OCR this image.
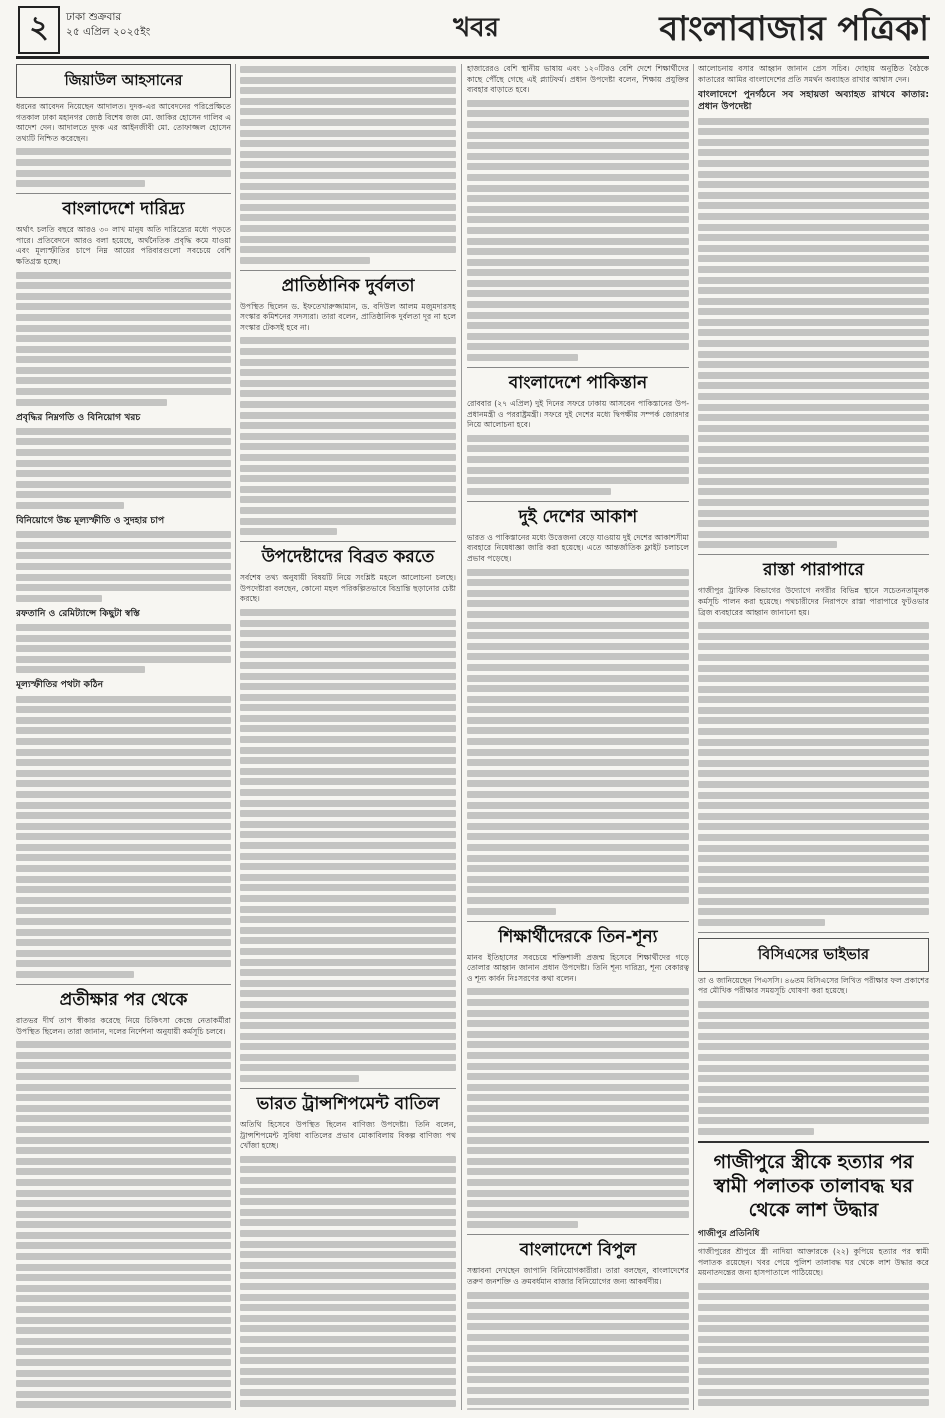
২	ঢাকা শুক্রবার
২৫ এপ্রিল ২০২৫ইং	খবর	বাংলাবাজার পত্রিকা
জিয়াউল আহসানের
ধরনের আবেদন নিয়েছেন আদালত। দুদক-এর আবেদনের পরিপ্রেক্ষিতে গতকাল ঢাকা মহানগর জ্যেষ্ঠ বিশেষ জজ মো. জাকির হোসেন গালিব এ আদেশ দেন। আদালতে দুদক এর আইনজীবী মো. তোফাজ্জল হোসেন তথ্যটি নিশ্চিত করেছেন।
বাংলাদেশে দারিদ্র্য
অর্থাৎ চলতি বছরে আরও ৩০ লাখ মানুষ অতি দারিদ্র্যের মধ্যে পড়তে পারে। প্রতিবেদনে আরও বলা হয়েছে, অর্থনৈতিক প্রবৃদ্ধি কমে যাওয়া এবং মূল্যস্ফীতির চাপে নিম্ন আয়ের পরিবারগুলো সবচেয়ে বেশি ক্ষতিগ্রস্ত হচ্ছে।
প্রবৃদ্ধির নিম্নগতি ও বিনিয়োগ খরচ
বিনিয়োগে উচ্চ মূল্যস্ফীতি ও সুদহার চাপ
রফতানি ও রেমিট্যান্সে কিছুটা স্বস্তি
মূল্যস্ফীতির পথটা কঠিন
প্রতীক্ষার পর থেকে
রাতভর দীর্ঘ তাপ স্বীকার করেছে নিয়ে চিকিৎসা কেন্দ্রে নেতাকর্মীরা উপস্থিত ছিলেন। তারা জানান, দলের নির্দেশনা অনুযায়ী কর্মসূচি চলবে।
প্রাতিষ্ঠানিক দুর্বলতা
উপস্থিত ছিলেন ড. ইফতেখারুজ্জামান, ড. বদিউল আলম মজুমদারসহ সংস্কার কমিশনের সদস্যরা। তারা বলেন, প্রাতিষ্ঠানিক দুর্বলতা দূর না হলে সংস্কার টেকসই হবে না।
উপদেষ্টাদের বিব্রত করতে
সর্বশেষ তথ্য অনুযায়ী বিষয়টি নিয়ে সংশ্লিষ্ট মহলে আলোচনা চলছে। উপদেষ্টারা বলছেন, কোনো মহল পরিকল্পিতভাবে বিভ্রান্তি ছড়ানোর চেষ্টা করছে।
ভারত ট্রান্সশিপমেন্ট বাতিল
অতিথি হিসেবে উপস্থিত ছিলেন বাণিজ্য উপদেষ্টা। তিনি বলেন, ট্রান্সশিপমেন্ট সুবিধা বাতিলের প্রভাব মোকাবিলায় বিকল্প বাণিজ্য পথ খোঁজা হচ্ছে।
হাজারেরও বেশি স্থানীয় ভাষায় এবং ১২০টিরও বেশি দেশে শিক্ষার্থীদের কাছে পৌঁছে গেছে এই প্ল্যাটফর্ম। প্রধান উপদেষ্টা বলেন, শিক্ষায় প্রযুক্তির ব্যবহার বাড়াতে হবে।
বাংলাদেশে পাকিস্তান
রোববার (২৭ এপ্রিল) দুই দিনের সফরে ঢাকায় আসবেন পাকিস্তানের উপ-প্রধানমন্ত্রী ও পররাষ্ট্রমন্ত্রী। সফরে দুই দেশের মধ্যে দ্বিপক্ষীয় সম্পর্ক জোরদার নিয়ে আলোচনা হবে।
দুই দেশের আকাশ
ভারত ও পাকিস্তানের মধ্যে উত্তেজনা বেড়ে যাওয়ায় দুই দেশের আকাশসীমা ব্যবহারে নিষেধাজ্ঞা জারি করা হয়েছে। এতে আন্তর্জাতিক ফ্লাইট চলাচলে প্রভাব পড়েছে।
শিক্ষার্থীদেরকে তিন-শূন্য
মানব ইতিহাসের সবচেয়ে শক্তিশালী প্রজন্ম হিসেবে শিক্ষার্থীদের গড়ে তোলার আহ্বান জানান প্রধান উপদেষ্টা। তিনি শূন্য দারিদ্র্য, শূন্য বেকারত্ব ও শূন্য কার্বন নিঃসরণের কথা বলেন।
বাংলাদেশে বিপুল
সম্ভাবনা দেখছেন জাপানি বিনিয়োগকারীরা। তারা বলছেন, বাংলাদেশের তরুণ জনশক্তি ও ক্রমবর্ধমান বাজার বিনিয়োগের জন্য আকর্ষণীয়।
আলোচনায় বসার আহ্বান জানান প্রেস সচিব। দোহায় অনুষ্ঠিত বৈঠকে কাতারের আমির বাংলাদেশের প্রতি সমর্থন অব্যাহত রাখার আশ্বাস দেন।
বাংলাদেশে পুনর্গঠনে সব সহায়তা অব্যাহত রাখবে কাতার: প্রধান উপদেষ্টা
রাস্তা পারাপারে
গাজীপুর ট্রাফিক বিভাগের উদ্যোগে নগরীর বিভিন্ন স্থানে সচেতনতামূলক কর্মসূচি পালন করা হয়েছে। পথচারীদের নিরাপদে রাস্তা পারাপারে ফুটওভার ব্রিজ ব্যবহারের আহ্বান জানানো হয়।
বিসিএসের ভাইভার
তা ও জানিয়েছেন পিএসসি। ৪৬তম বিসিএসের লিখিত পরীক্ষার ফল প্রকাশের পর মৌখিক পরীক্ষার সময়সূচি ঘোষণা করা হয়েছে।
গাজীপুরে স্ত্রীকে হত্যার পর স্বামী পলাতক তালাবদ্ধ ঘর থেকে লাশ উদ্ধার
গাজীপুর প্রতিনিধি
গাজীপুরের শ্রীপুরে স্ত্রী নাদিয়া আক্তারকে (২২) কুপিয়ে হত্যার পর স্বামী পলাতক রয়েছেন। খবর পেয়ে পুলিশ তালাবদ্ধ ঘর থেকে লাশ উদ্ধার করে ময়নাতদন্তের জন্য হাসপাতালে পাঠিয়েছে।
